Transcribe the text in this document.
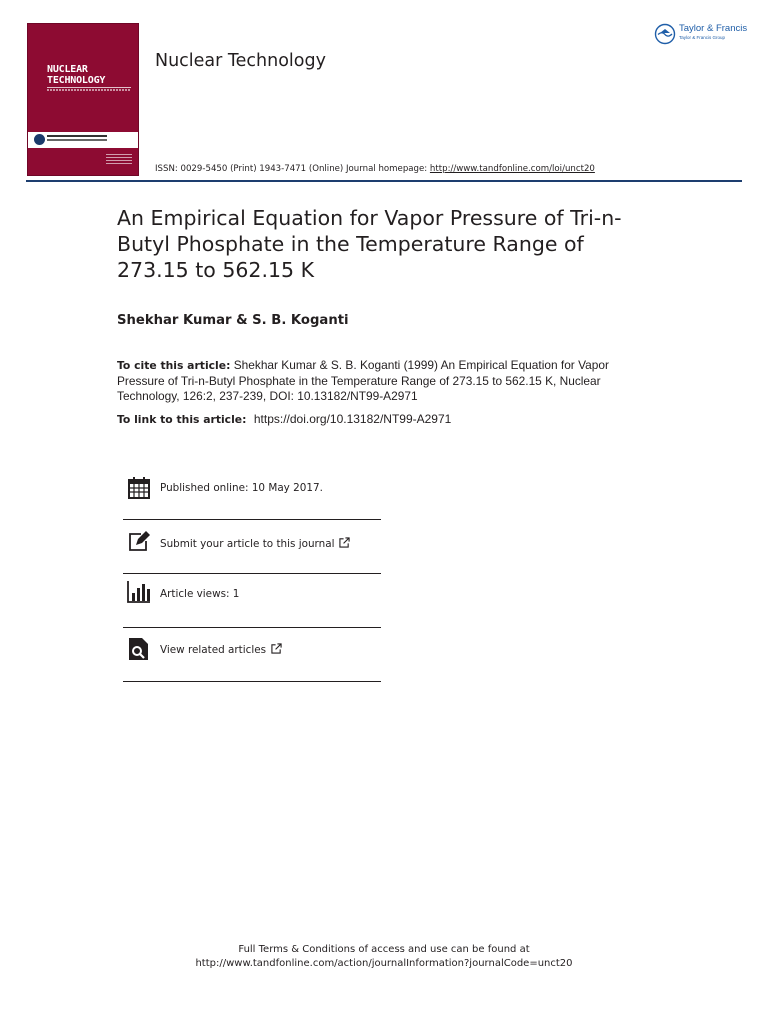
NUCLEAR
TECHNOLOGY
Nuclear Technology
Taylor & Francis
Taylor & Francis Group
ISSN: 0029-5450 (Print) 1943-7471 (Online) Journal homepage: http://www.tandfonline.com/loi/unct20
An Empirical Equation for Vapor Pressure of Tri-n-Butyl Phosphate in the Temperature Range of 273.15 to 562.15 K
Shekhar Kumar & S. B. Koganti
To cite this article: Shekhar Kumar & S. B. Koganti (1999) An Empirical Equation for Vapor Pressure of Tri-n-Butyl Phosphate in the Temperature Range of 273.15 to 562.15 K, Nuclear Technology, 126:2, 237-239, DOI: 10.13182/NT99-A2971
To link to this article: https://doi.org/10.13182/NT99-A2971
Published online: 10 May 2017.
Submit your article to this journal
Article views: 1
View related articles
Full Terms & Conditions of access and use can be found at
http://www.tandfonline.com/action/journalInformation?journalCode=unct20
